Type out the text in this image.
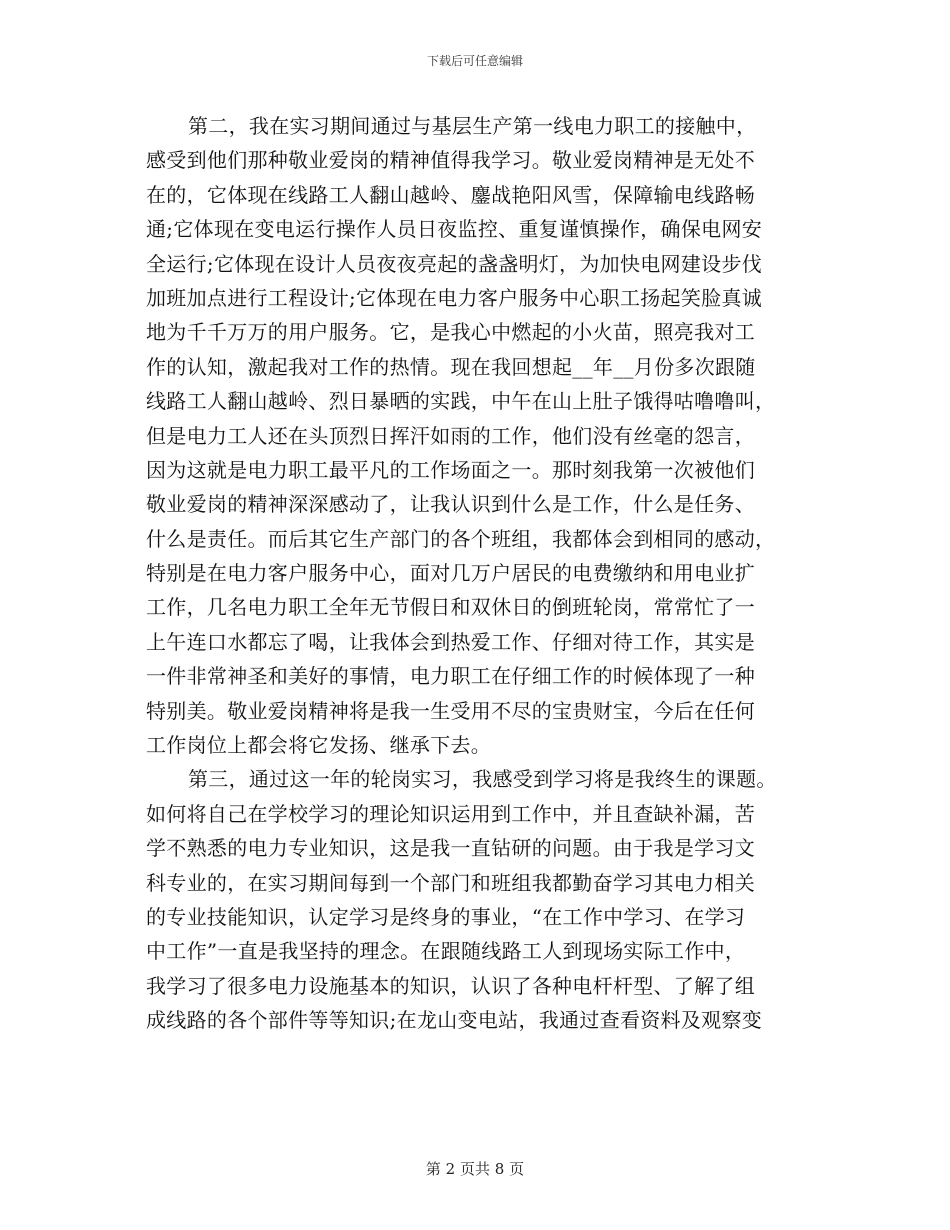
下载后可任意编辑
第二，我在实习期间通过与基层生产第一线电力职工的接触中，
感受到他们那种敬业爱岗的精神值得我学习。敬业爱岗精神是无处不
在的，它体现在线路工人翻山越岭、鏖战艳阳风雪，保障输电线路畅
通;它体现在变电运行操作人员日夜监控、重复谨慎操作，确保电网安
全运行;它体现在设计人员夜夜亮起的盏盏明灯，为加快电网建设步伐
加班加点进行工程设计;它体现在电力客户服务中心职工扬起笑脸真诚
地为千千万万的用户服务。它，是我心中燃起的小火苗，照亮我对工
作的认知，激起我对工作的热情。现在我回想起__年__月份多次跟随
线路工人翻山越岭、烈日暴晒的实践，中午在山上肚子饿得咕噜噜叫，
但是电力工人还在头顶烈日挥汗如雨的工作，他们没有丝毫的怨言，
因为这就是电力职工最平凡的工作场面之一。那时刻我第一次被他们
敬业爱岗的精神深深感动了，让我认识到什么是工作，什么是任务、
什么是责任。而后其它生产部门的各个班组，我都体会到相同的感动，
特别是在电力客户服务中心，面对几万户居民的电费缴纳和用电业扩
工作，几名电力职工全年无节假日和双休日的倒班轮岗，常常忙了一
上午连口水都忘了喝，让我体会到热爱工作、仔细对待工作，其实是
一件非常神圣和美好的事情，电力职工在仔细工作的时候体现了一种
特别美。敬业爱岗精神将是我一生受用不尽的宝贵财宝，今后在任何
工作岗位上都会将它发扬、继承下去。
第三，通过这一年的轮岗实习，我感受到学习将是我终生的课题。
如何将自己在学校学习的理论知识运用到工作中，并且查缺补漏，苦
学不熟悉的电力专业知识，这是我一直钻研的问题。由于我是学习文
科专业的，在实习期间每到一个部门和班组我都勤奋学习其电力相关
的专业技能知识，认定学习是终身的事业，“在工作中学习、在学习
中工作”一直是我坚持的理念。在跟随线路工人到现场实际工作中，
我学习了很多电力设施基本的知识，认识了各种电杆杆型、了解了组
成线路的各个部件等等知识;在龙山变电站，我通过查看资料及观察变
第 2 页共 8 页
